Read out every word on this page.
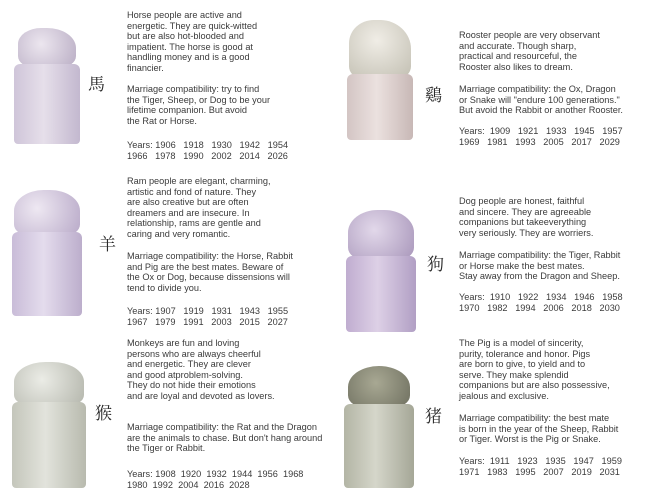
馬
Horse people are active and
energetic. They are quick-witted
but are also hot-blooded and
impatient. The horse is good at
handling money and is a good
financier.
Marriage compatibility: try to find
the Tiger, Sheep, or Dog to be your
lifetime companion. But avoid
the Rat or Horse.
Years: 1906   1918   1930   1942   1954
1966   1978   1990   2002   2014   2026
羊
Ram people are elegant, charming,
artistic and fond of nature. They
are also creative but are often
dreamers and are insecure. In
relationship, rams are gentle and
caring and very romantic.
Marriage compatibility: the Horse, Rabbit
and Pig are the best mates. Beware of
the Ox or Dog, because dissensions will
tend to divide you.
Years: 1907   1919   1931   1943   1955
1967   1979   1991   2003   2015   2027
猴
Monkeys are fun and loving
persons who are always cheerful
and energetic. They are clever
and good atproblem-solving.
They do not hide their emotions
and are loyal and devoted as lovers.
Marriage compatibility: the Rat and the Dragon
are the animals to chase. But don't hang around
the Tiger or Rabbit.
Years: 1908  1920  1932  1944  1956  1968
1980  1992  2004  2016  2028
鷄
Rooster people are very observant
and accurate. Though sharp,
practical and resourceful, the
Rooster also likes to dream.
Marriage compatibility: the Ox, Dragon
or Snake will "endure 100 generations."
But avoid the Rabbit or another Rooster.
Years:  1909   1921   1933   1945   1957
1969   1981   1993   2005   2017   2029
狗
Dog people are honest, faithful
and sincere. They are agreeable
companions but takeeverything
very seriously. They are worriers.
Marriage compatibility: the Tiger, Rabbit
or Horse make the best mates.
Stay away from the Dragon and Sheep.
Years:  1910   1922   1934   1946   1958
1970   1982   1994   2006   2018   2030
猪
The Pig is a model of sincerity,
purity, tolerance and honor. Pigs
are born to give, to yield and to
serve. They make splendid
companions but are also possessive,
jealous and exclusive.
Marriage compatibility: the best mate
is born in the year of the Sheep, Rabbit
or Tiger. Worst is the Pig or Snake.
Years:  1911   1923   1935   1947   1959
1971   1983   1995   2007   2019   2031
